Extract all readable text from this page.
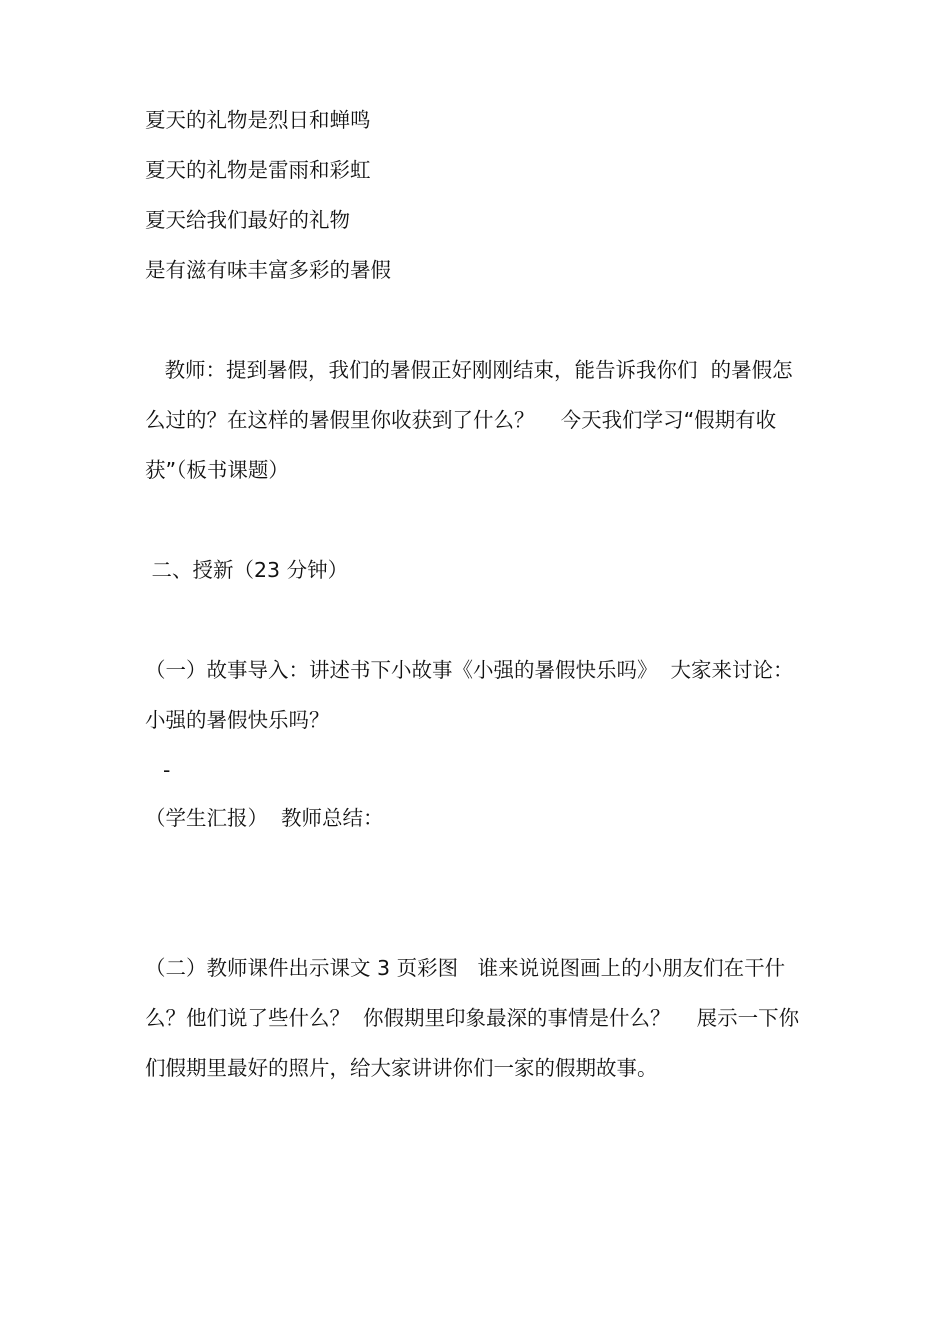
夏天的礼物是烈日和蝉鸣
夏天的礼物是雷雨和彩虹
夏天给我们最好的礼物
是有滋有味丰富多彩的暑假
教师：提到暑假，我们的暑假正好刚刚结束，能告诉我你们  的暑假怎么过的？在这样的暑假里你收获到了什么？    今天我们学习“假期有收获”（板书课题）
二、授新（23 分钟）
（一）故事导入：讲述书下小故事《小强的暑假快乐吗》  大家来讨论：小强的暑假快乐吗？
-
（学生汇报）  教师总结：
（二）教师课件出示课文 3 页彩图   谁来说说图画上的小朋友们在干什么？他们说了些什么？  你假期里印象最深的事情是什么？    展示一下你们假期里最好的照片，给大家讲讲你们一家的假期故事。
